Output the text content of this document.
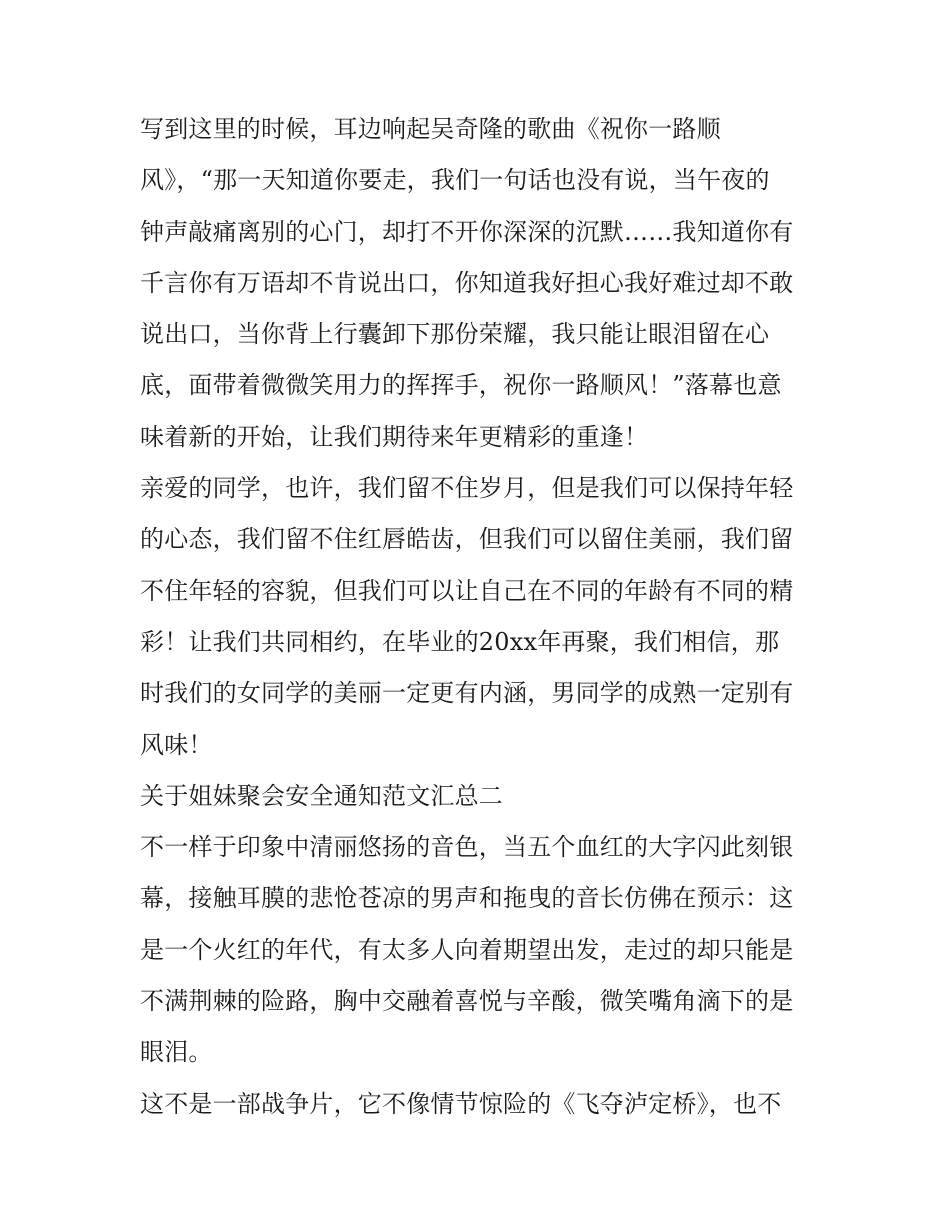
写到这里的时候，耳边响起吴奇隆的歌曲《祝你一路顺
风》，“那一天知道你要走，我们一句话也没有说，当午夜的
钟声敲痛离别的心门，却打不开你深深的沉默……我知道你有
千言你有万语却不肯说出口，你知道我好担心我好难过却不敢
说出口，当你背上行囊卸下那份荣耀，我只能让眼泪留在心
底，面带着微微笑用力的挥挥手，祝你一路顺风！”落幕也意
味着新的开始，让我们期待来年更精彩的重逢！
亲爱的同学，也许，我们留不住岁月，但是我们可以保持年轻
的心态，我们留不住红唇皓齿，但我们可以留住美丽，我们留
不住年轻的容貌，但我们可以让自己在不同的年龄有不同的精
彩！让我们共同相约，在毕业的20xx年再聚，我们相信，那
时我们的女同学的美丽一定更有内涵，男同学的成熟一定别有
风味！
关于姐妹聚会安全通知范文汇总二
不一样于印象中清丽悠扬的音色，当五个血红的大字闪此刻银
幕，接触耳膜的悲怆苍凉的男声和拖曳的音长仿佛在预示：这
是一个火红的年代，有太多人向着期望出发，走过的却只能是
不满荆棘的险路，胸中交融着喜悦与辛酸，微笑嘴角滴下的是
眼泪。
这不是一部战争片，它不像情节惊险的《飞夺泸定桥》，也不
